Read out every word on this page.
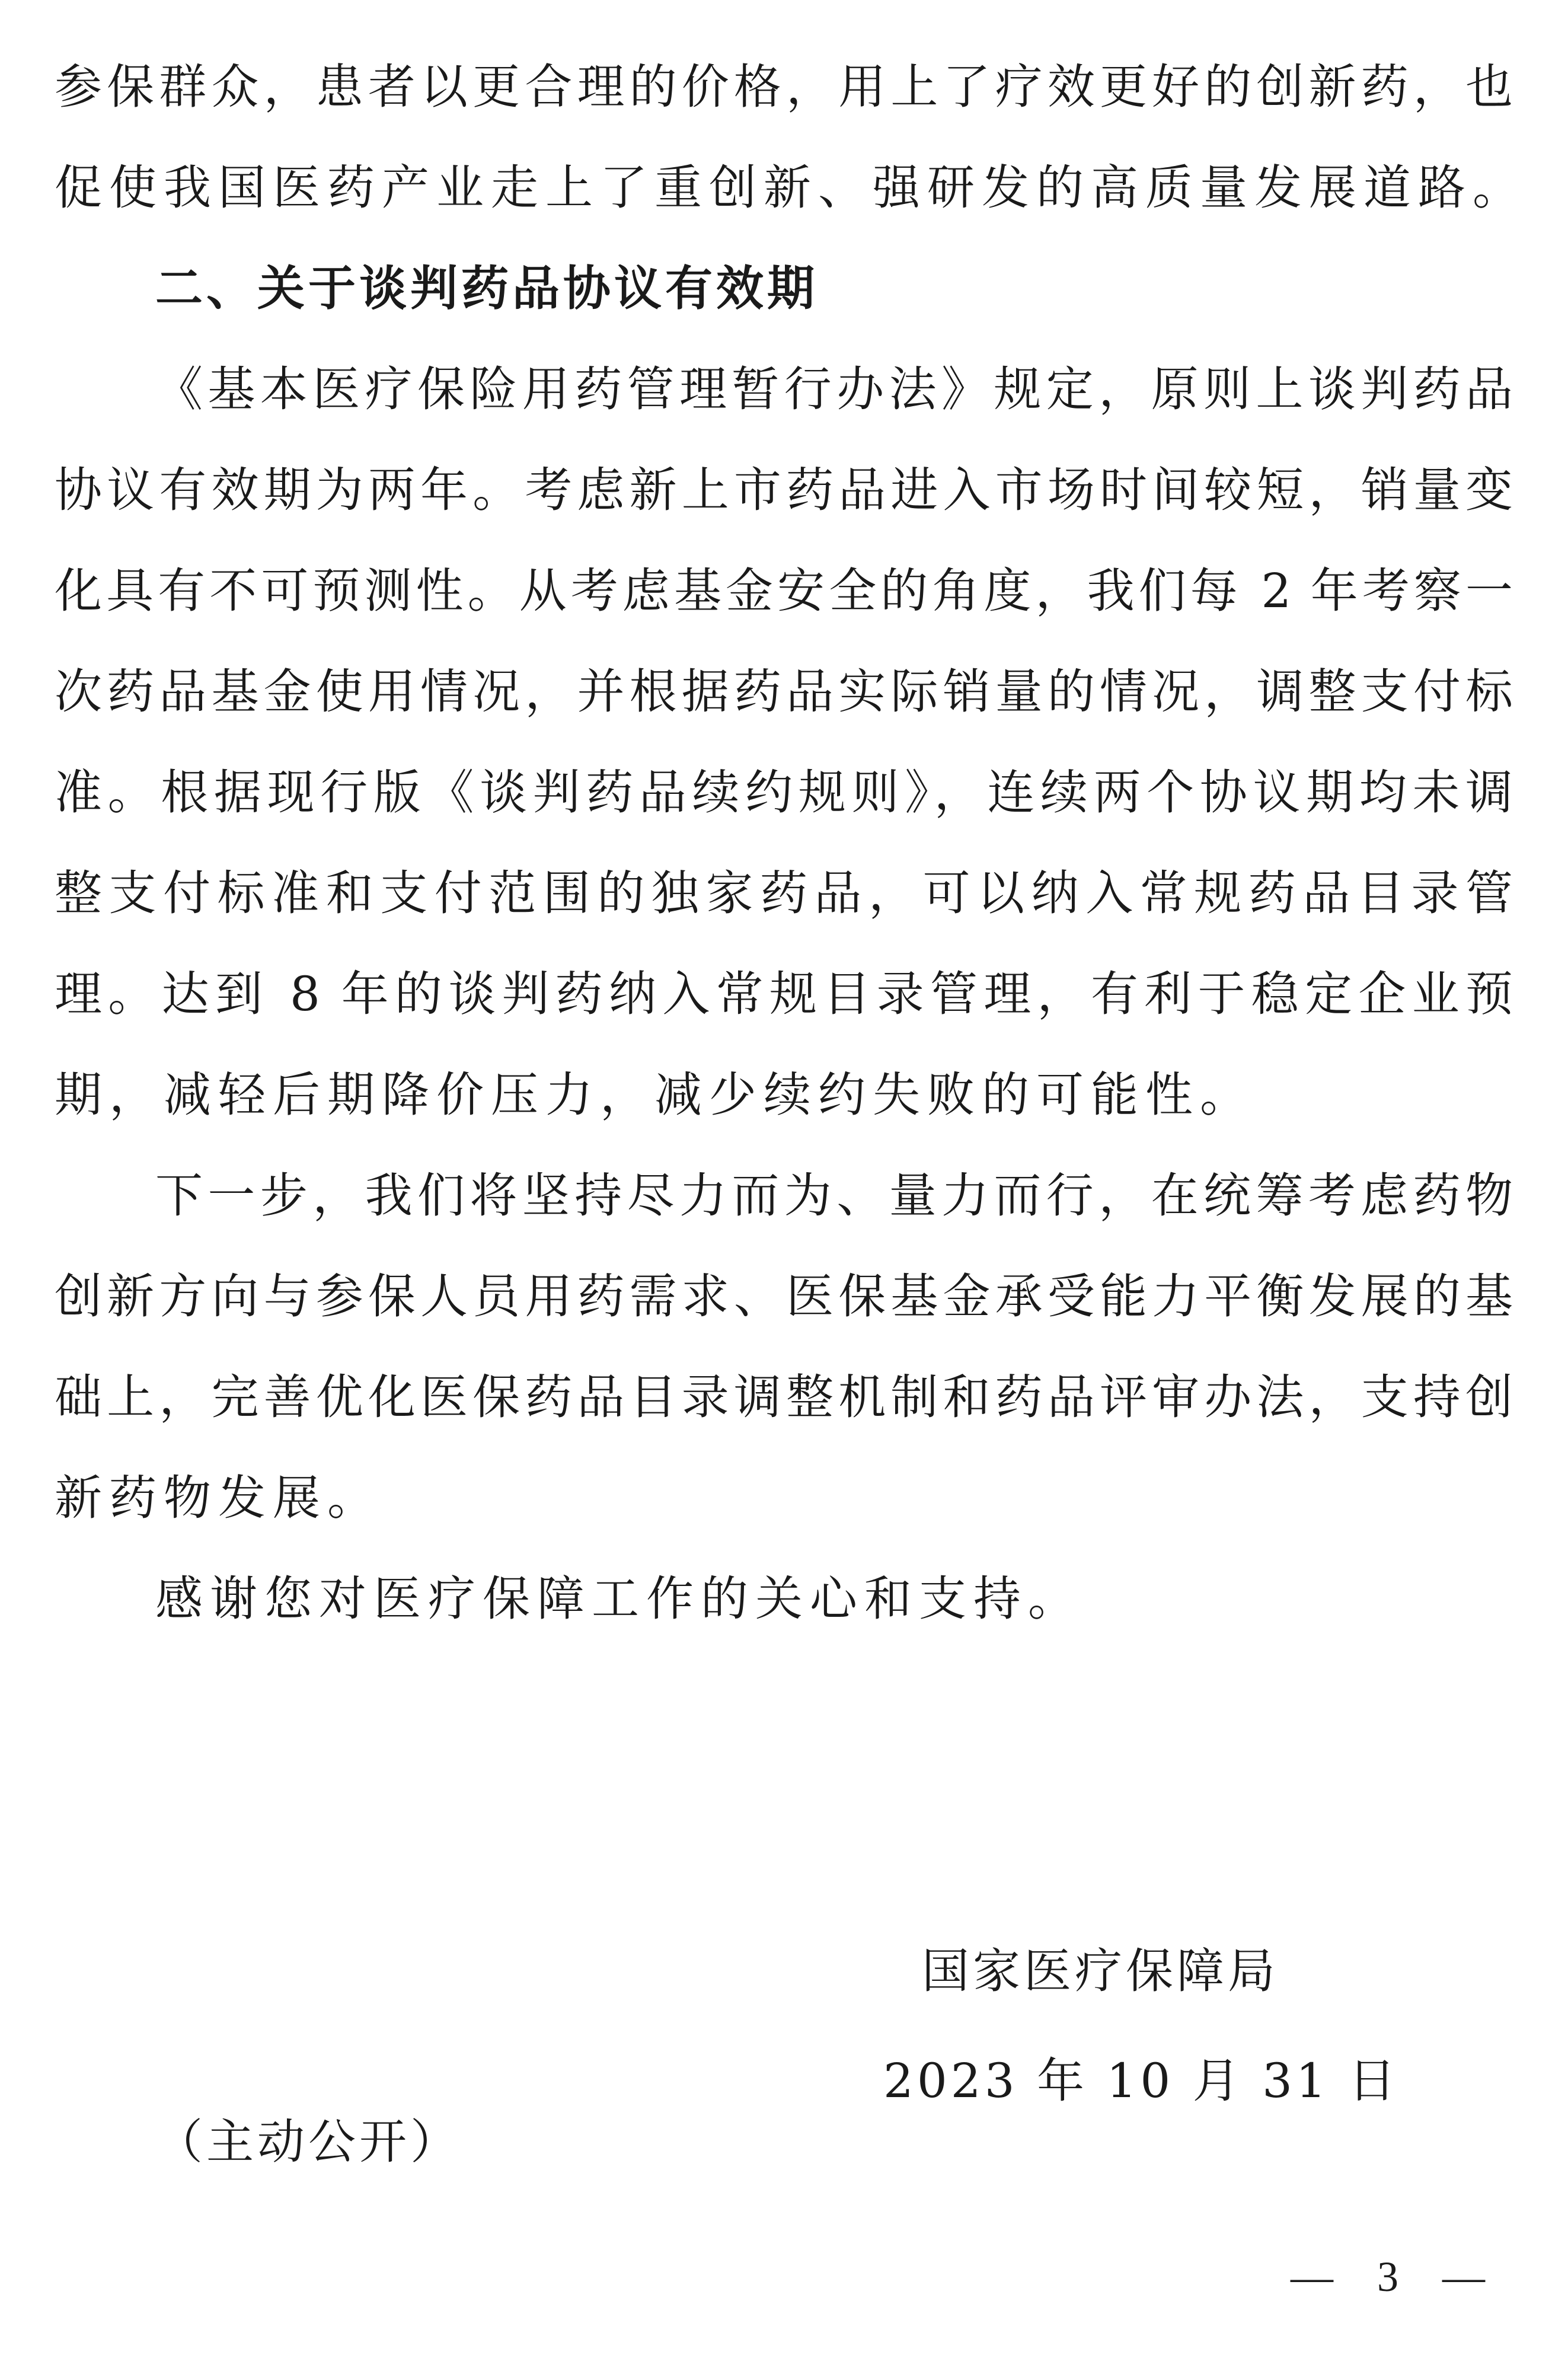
参保群众，患者以更合理的价格，用上了疗效更好的创新药，也
促使我国医药产业走上了重创新、强研发的高质量发展道路。
二、关于谈判药品协议有效期
《基本医疗保险用药管理暂行办法》规定，原则上谈判药品
协议有效期为两年。考虑新上市药品进入市场时间较短，销量变
化具有不可预测性。从考虑基金安全的角度，我们每 2 年考察一
次药品基金使用情况，并根据药品实际销量的情况，调整支付标
准。根据现行版《谈判药品续约规则》，连续两个协议期均未调
整支付标准和支付范围的独家药品，可以纳入常规药品目录管
理。达到 8 年的谈判药纳入常规目录管理，有利于稳定企业预
期，减轻后期降价压力，减少续约失败的可能性。
下一步，我们将坚持尽力而为、量力而行，在统筹考虑药物
创新方向与参保人员用药需求、医保基金承受能力平衡发展的基
础上，完善优化医保药品目录调整机制和药品评审办法，支持创
新药物发展。
感谢您对医疗保障工作的关心和支持。
国家医疗保障局
2023 年 10 月 31 日
（主动公开）
— 3 —
